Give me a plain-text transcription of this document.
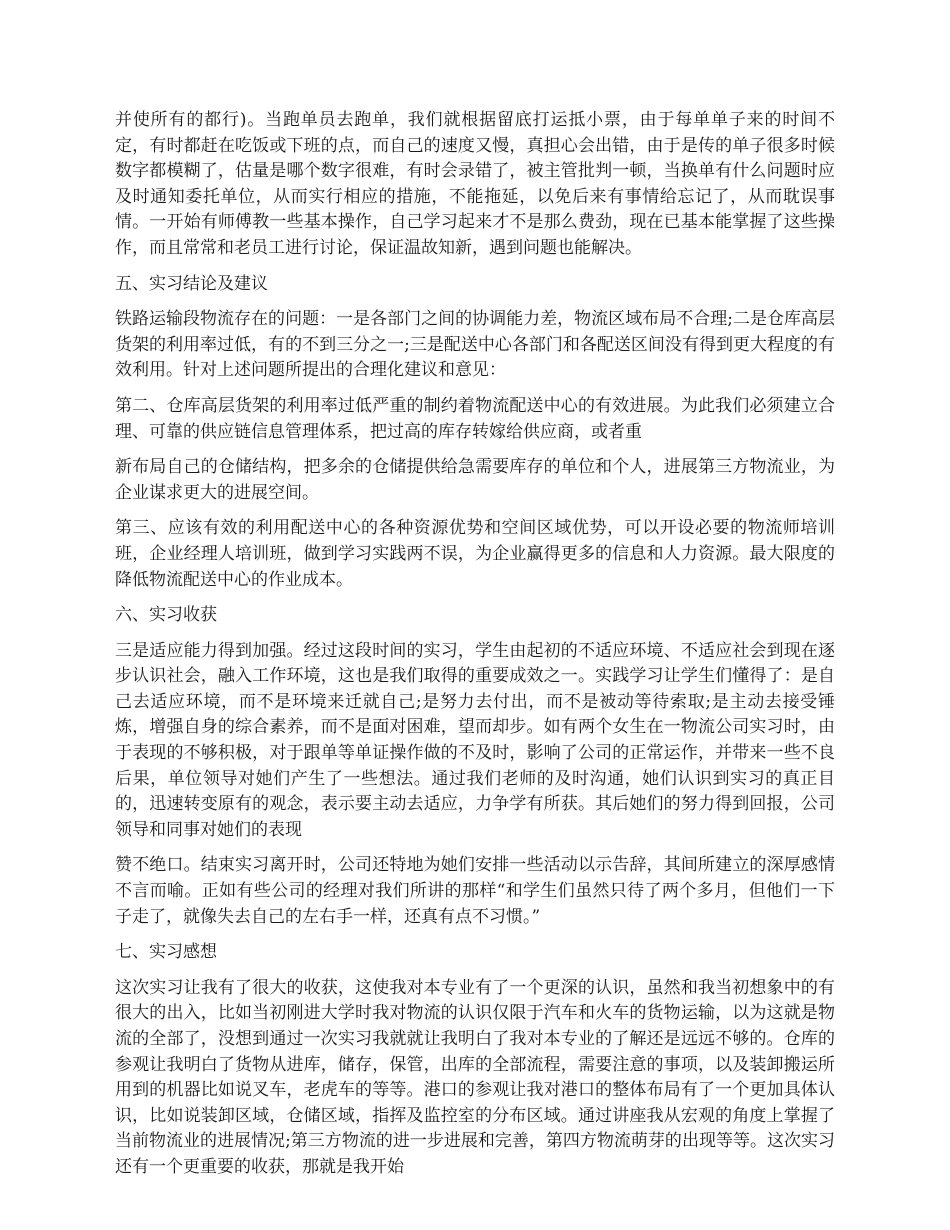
并使所有的都行)。当跑单员去跑单，我们就根据留底打运抵小票，由于每单单子来的时间不定，有时都赶在吃饭或下班的点，而自己的速度又慢，真担心会出错，由于是传的单子很多时候数字都模糊了，估量是哪个数字很难，有时会录错了，被主管批判一顿，当换单有什么问题时应及时通知委托单位，从而实行相应的措施，不能拖延，以免后来有事情给忘记了，从而耽误事情。一开始有师傅教一些基本操作，自己学习起来才不是那么费劲，现在已基本能掌握了这些操作，而且常常和老员工进行讨论，保证温故知新，遇到问题也能解决。

五、实习结论及建议

铁路运输段物流存在的问题：一是各部门之间的协调能力差，物流区域布局不合理;二是仓库高层货架的利用率过低，有的不到三分之一;三是配送中心各部门和各配送区间没有得到更大程度的有效利用。针对上述问题所提出的合理化建议和意见：

第二、仓库高层货架的利用率过低严重的制约着物流配送中心的有效进展。为此我们必须建立合理、可靠的供应链信息管理体系，把过高的库存转嫁给供应商，或者重

新布局自己的仓储结构，把多余的仓储提供给急需要库存的单位和个人，进展第三方物流业，为企业谋求更大的进展空间。

第三、应该有效的利用配送中心的各种资源优势和空间区域优势，可以开设必要的物流师培训班，企业经理人培训班，做到学习实践两不误，为企业赢得更多的信息和人力资源。最大限度的降低物流配送中心的作业成本。

六、实习收获

三是适应能力得到加强。经过这段时间的实习，学生由起初的不适应环境、不适应社会到现在逐步认识社会，融入工作环境，这也是我们取得的重要成效之一。实践学习让学生们懂得了：是自己去适应环境，而不是环境来迁就自己;是努力去付出，而不是被动等待索取;是主动去接受锤炼，增强自身的综合素养，而不是面对困难，望而却步。如有两个女生在一物流公司实习时，由于表现的不够积极，对于跟单等单证操作做的不及时，影响了公司的正常运作，并带来一些不良后果，单位领导对她们产生了一些想法。通过我们老师的及时沟通，她们认识到实习的真正目的，迅速转变原有的观念，表示要主动去适应，力争学有所获。其后她们的努力得到回报，公司领导和同事对她们的表现

赞不绝口。结束实习离开时，公司还特地为她们安排一些活动以示告辞，其间所建立的深厚感情不言而喻。正如有些公司的经理对我们所讲的那样“和学生们虽然只待了两个多月，但他们一下子走了，就像失去自己的左右手一样，还真有点不习惯。”

七、实习感想

这次实习让我有了很大的收获，这使我对本专业有了一个更深的认识，虽然和我当初想象中的有很大的出入，比如当初刚进大学时我对物流的认识仅限于汽车和火车的货物运输，以为这就是物流的全部了，没想到通过一次实习我就就让我明白了我对本专业的了解还是远远不够的。仓库的参观让我明白了货物从进库，储存，保管，出库的全部流程，需要注意的事项，以及装卸搬运所用到的机器比如说叉车，老虎车的等等。港口的参观让我对港口的整体布局有了一个更加具体认识，比如说装卸区域，仓储区域，指挥及监控室的分布区域。通过讲座我从宏观的角度上掌握了当前物流业的进展情况;第三方物流的进一步进展和完善，第四方物流萌芽的出现等等。这次实习还有一个更重要的收获，那就是我开始
